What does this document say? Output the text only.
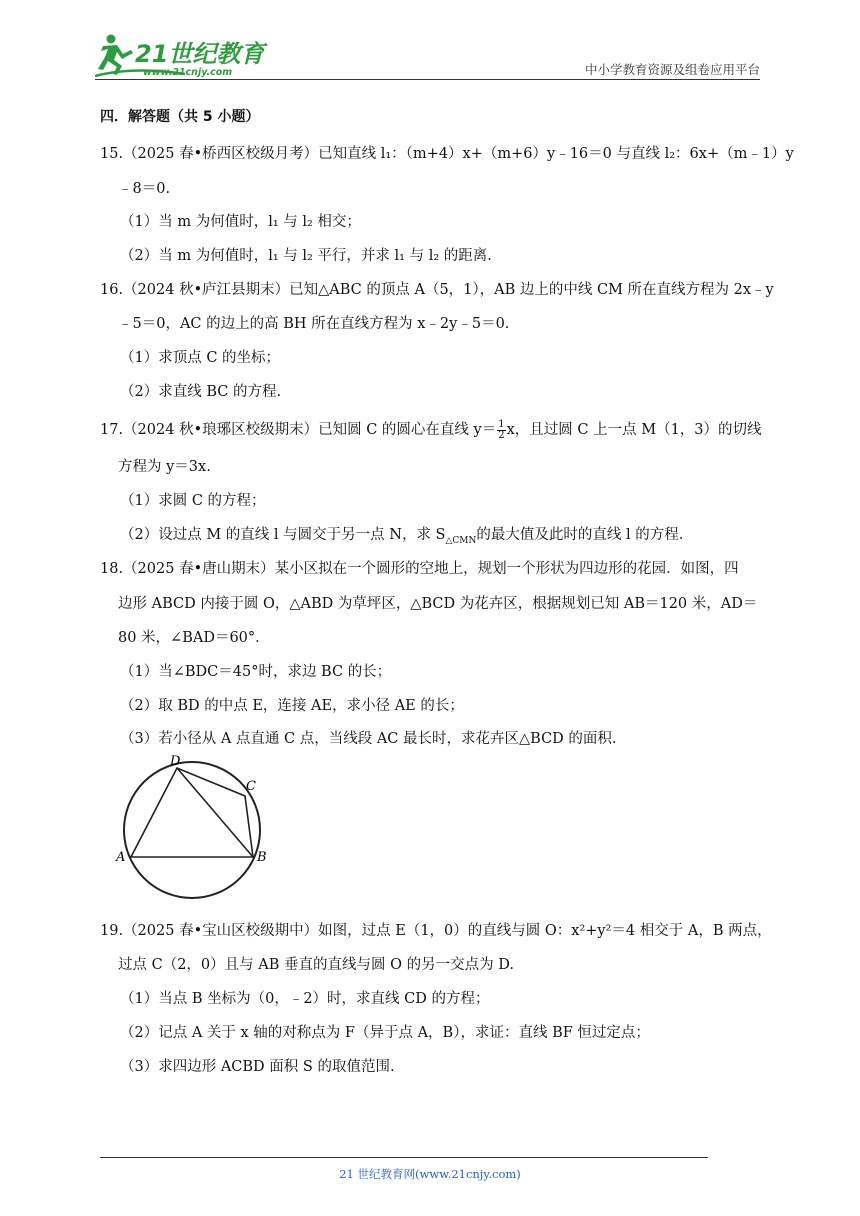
21世纪教育
www.21cnjy.com	中小学教育资源及组卷应用平台
四．解答题（共 5 小题）
15.（2025 春•桥西区校级月考）已知直线 l₁：（m+4）x+（m+6）y﹣16＝0 与直线 l₂：6x+（m﹣1）y
﹣8＝0.
（1）当 m 为何值时，l₁ 与 l₂ 相交；
（2）当 m 为何值时，l₁ 与 l₂ 平行，并求 l₁ 与 l₂ 的距离.
16.（2024 秋•庐江县期末）已知△ABC 的顶点 A（5，1），AB 边上的中线 CM 所在直线方程为 2x﹣y
﹣5＝0，AC 的边上的高 BH 所在直线方程为 x﹣2y﹣5＝0.
（1）求顶点 C 的坐标；
（2）求直线 BC 的方程.
17.（2024 秋•琅琊区校级期末）已知圆 C 的圆心在直线 $y= \frac{1}{2}$ x，且过圆 C 上一点 M（1，3）的切线
方程为 y＝3x.
（1）求圆 C 的方程；
（2）设过点 M 的直线 l 与圆交于另一点 N，求 $S_{\triangle CMN}$的最大值及此时的直线 l 的方程.
18.（2025 春•唐山期末）某小区拟在一个圆形的空地上，规划一个形状为四边形的花园．如图，四
边形 ABCD 内接于圆 O，△ABD 为草坪区，△BCD 为花卉区，根据规划已知 AB＝120 米，AD＝
80 米，∠BAD＝60°．
（1）当∠BDC＝45°时，求边 BC 的长；
（2）取 BD 的中点 E，连接 AE，求小径 AE 的长；
（3）若小径从 A 点直通 C 点，当线段 AC 最长时，求花卉区△BCD 的面积.
A	B
C
D
19.（2025 春•宝山区校级期中）如图，过点 E（1，0）的直线与圆 O：x²+y²＝4 相交于 A，B 两点，
过点 C（2，0）且与 AB 垂直的直线与圆 O 的另一交点为 D.
（1）当点 B 坐标为（0，﹣2）时，求直线 CD 的方程；
（2）记点 A 关于 x 轴的对称点为 F（异于点 A，B），求证：直线 BF 恒过定点；
（3）求四边形 ACBD 面积 S 的取值范围.
21 世纪教育网(www.21cnjy.com)
